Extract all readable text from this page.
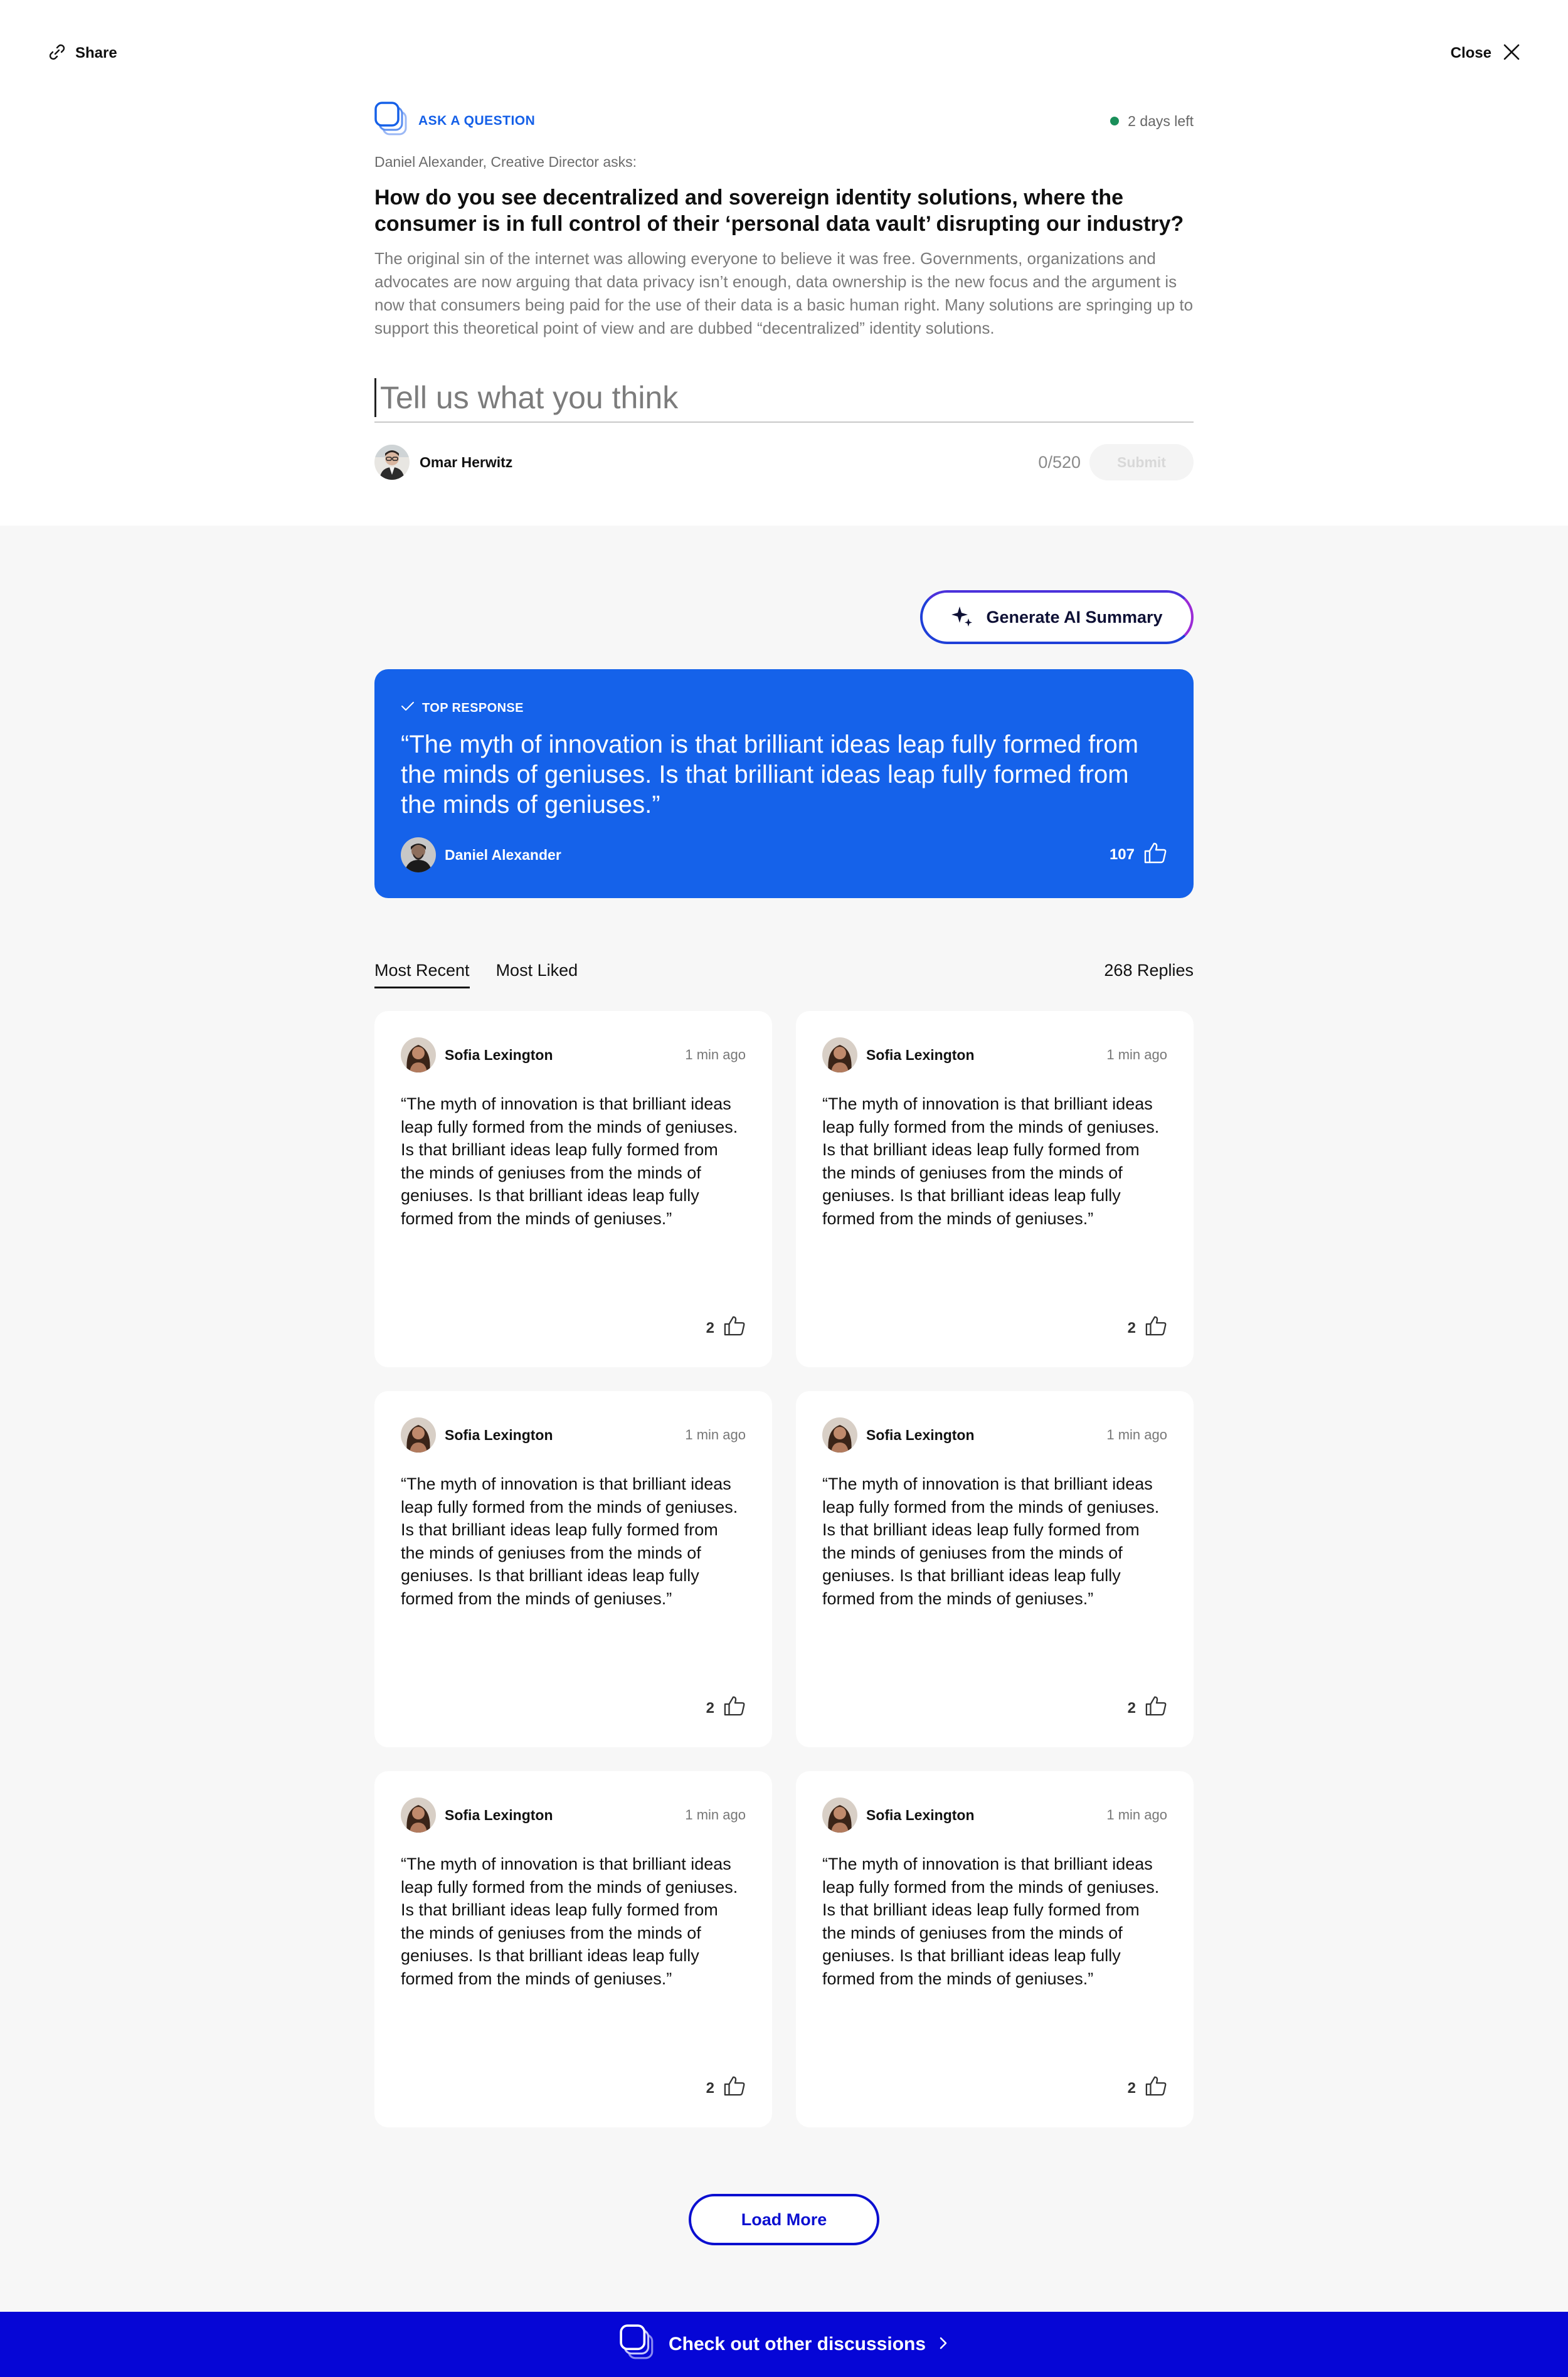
Share	Close
ASK A QUESTION	2 days left
Daniel Alexander, Creative Director asks:
How do you see decentralized and sovereign identity solutions, where the consumer is in full control of their ‘personal data vault’ disrupting our industry?
The original sin of the internet was allowing everyone to believe it was free. Governments, organizations and advocates are now arguing that data privacy isn’t enough, data ownership is the new focus and the argument is now that consumers being paid for the use of their data is a basic human right. Many solutions are springing up to support this theoretical point of view and are dubbed “decentralized” identity solutions.
Tell us what you think
Omar Herwitz	0/520	Submit
Generate AI Summary
TOP RESPONSE
“The myth of innovation is that brilliant ideas leap fully formed from the minds of geniuses. Is that brilliant ideas leap fully formed from the minds of geniuses.”
Daniel Alexander	107
Most Recent Most Liked	268 Replies
Sofia Lexington	1 min ago
“The myth of innovation is that brilliant ideas leap fully formed from the minds of geniuses. Is that brilliant ideas leap fully formed from the minds of geniuses from the minds of geniuses. Is that brilliant ideas leap fully formed from the minds of geniuses.”
2
Sofia Lexington	1 min ago
“The myth of innovation is that brilliant ideas leap fully formed from the minds of geniuses. Is that brilliant ideas leap fully formed from the minds of geniuses from the minds of geniuses. Is that brilliant ideas leap fully formed from the minds of geniuses.”
2
Sofia Lexington	1 min ago
“The myth of innovation is that brilliant ideas leap fully formed from the minds of geniuses. Is that brilliant ideas leap fully formed from the minds of geniuses from the minds of geniuses. Is that brilliant ideas leap fully formed from the minds of geniuses.”
2
Sofia Lexington	1 min ago
“The myth of innovation is that brilliant ideas leap fully formed from the minds of geniuses. Is that brilliant ideas leap fully formed from the minds of geniuses from the minds of geniuses. Is that brilliant ideas leap fully formed from the minds of geniuses.”
2
Sofia Lexington	1 min ago
“The myth of innovation is that brilliant ideas leap fully formed from the minds of geniuses. Is that brilliant ideas leap fully formed from the minds of geniuses from the minds of geniuses. Is that brilliant ideas leap fully formed from the minds of geniuses.”
2
Sofia Lexington	1 min ago
“The myth of innovation is that brilliant ideas leap fully formed from the minds of geniuses. Is that brilliant ideas leap fully formed from the minds of geniuses from the minds of geniuses. Is that brilliant ideas leap fully formed from the minds of geniuses.”
2
Load More
Check out other discussions
